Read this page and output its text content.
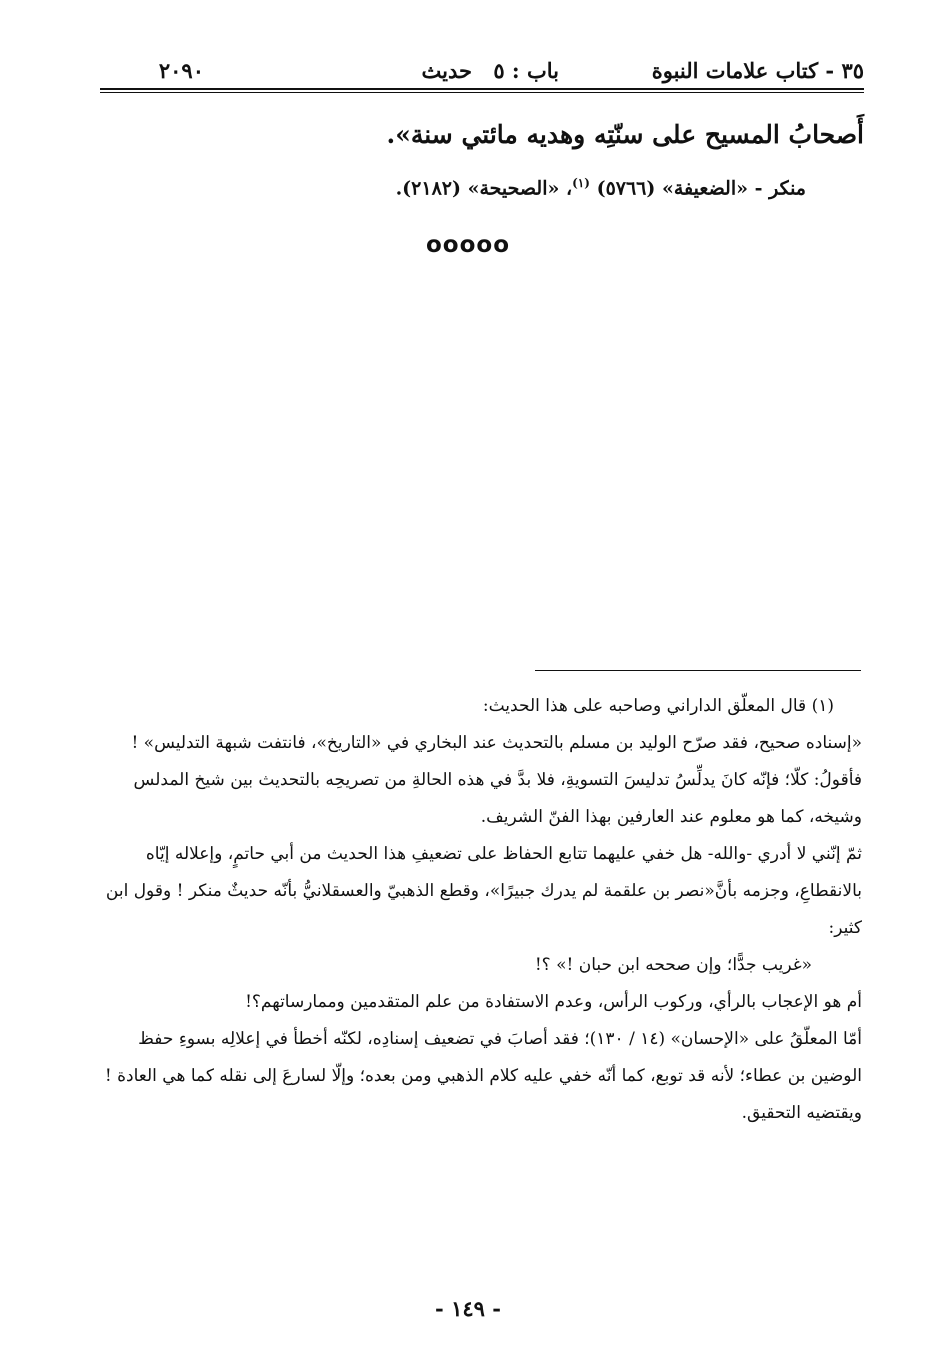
٣٥ - كتاب علامات النبوة
باب : ٥
حديث
٢٠٩٠
أَصحابُ المسيح على سنّتِه وهديه مائتي سنة».
منكر - «الضعيفة» (٥٧٦٦) $^{(١)}$، «الصحيحة» (٢١٨٢).
ooooo

(١) قال المعلّق الداراني وصاحبه على هذا الحديث:

«إسناده صحيح، فقد صرّح الوليد بن مسلم بالتحديث عند البخاري في «التاريخ»، فانتفت شبهة التدليس» !

فأقولُ: كلّا؛ فإنّه كانَ يدلِّسُ تدليسَ التسويةِ، فلا بدَّ في هذه الحالةِ من تصريحِه بالتحديث بين شيخ المدلس وشيخه، كما هو معلوم عند العارفين بهذا الفنّ الشريف.

ثمّ إنّني لا أدري -والله- هل خفي عليهما تتابع الحفاظ على تضعيفِ هذا الحديث من أبي حاتمٍ، وإعلاله إيّاه بالانقطاعِ، وجزمه بأنَّ«نصر بن علقمة لم يدرك جبيرًا»، وقطع الذهبيّ والعسقلانيُّ بأنّه حديثٌ منكر ! وقول ابن كثير:

«غريب جدًّا؛ وإن صححه ابن حبان !» ؟!

أم هو الإعجاب بالرأي، وركوب الرأس، وعدم الاستفادة من علم المتقدمين وممارساتهم؟!

أمّا المعلّقُ على «الإحسان» (١٤ / ١٣٠)؛ فقد أصابَ في تضعيف إسنادِه، لكنّه أخطأ في إعلالِه بسوءِ حفظ الوضين بن عطاء؛ لأنه قد توبع، كما أنّه خفي عليه كلام الذهبي ومن بعده؛ وإلّا لسارعَ إلى نقله كما هي العادة ! ويقتضيه التحقيق.

- ١٤٩ -
